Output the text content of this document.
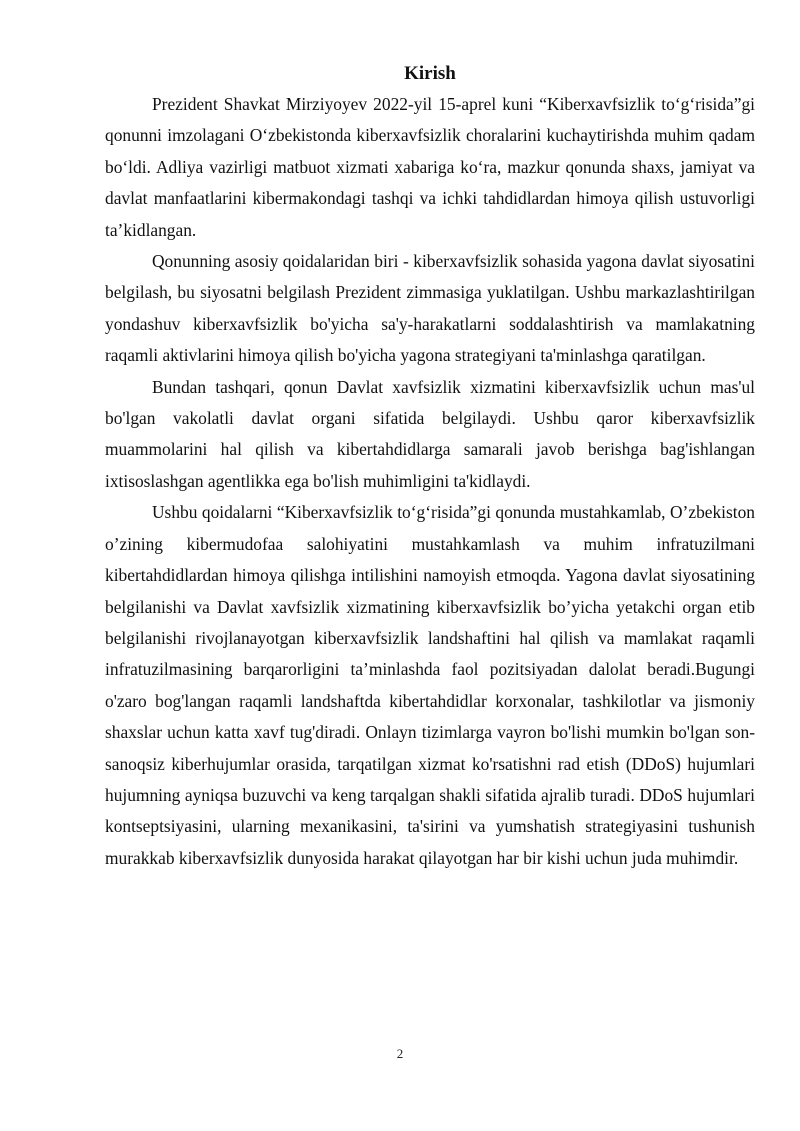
Kirish

Prezident Shavkat Mirziyoyev 2022-yil 15-aprel kuni “Kiberxavfsizlik to‘g‘risida”gi qonunni imzolagani O‘zbekistonda kiberxavfsizlik choralarini kuchaytirishda muhim qadam bo‘ldi. Adliya vazirligi matbuot xizmati xabariga ko‘ra, mazkur qonunda shaxs, jamiyat va davlat manfaatlarini kibermakondagi tashqi va ichki tahdidlardan himoya qilish ustuvorligi ta’kidlangan.

Qonunning asosiy qoidalaridan biri - kiberxavfsizlik sohasida yagona davlat siyosatini belgilash, bu siyosatni belgilash Prezident zimmasiga yuklatilgan. Ushbu markazlashtirilgan yondashuv kiberxavfsizlik bo'yicha sa'y-harakatlarni soddalashtirish va mamlakatning raqamli aktivlarini himoya qilish bo'yicha yagona strategiyani ta'minlashga qaratilgan.

Bundan tashqari, qonun Davlat xavfsizlik xizmatini kiberxavfsizlik uchun mas'ul bo'lgan vakolatli davlat organi sifatida belgilaydi. Ushbu qaror kiberxavfsizlik muammolarini hal qilish va kibertahdidlarga samarali javob berishga bag'ishlangan ixtisoslashgan agentlikka ega bo'lish muhimligini ta'kidlaydi.

Ushbu qoidalarni “Kiberxavfsizlik to‘g‘risida”gi qonunda mustahkamlab, O’zbekiston o’zining kibermudofaa salohiyatini mustahkamlash va muhim infratuzilmani kibertahdidlardan himoya qilishga intilishini namoyish etmoqda. Yagona davlat siyosatining belgilanishi va Davlat xavfsizlik xizmatining kiberxavfsizlik bo’yicha yetakchi organ etib belgilanishi rivojlanayotgan kiberxavfsizlik landshaftini hal qilish va mamlakat raqamli infratuzilmasining barqarorligini ta’minlashda faol pozitsiyadan dalolat beradi.Bugungi o'zaro bog'langan raqamli landshaftda kibertahdidlar korxonalar, tashkilotlar va jismoniy shaxslar uchun katta xavf tug'diradi. Onlayn tizimlarga vayron bo'lishi mumkin bo'lgan son-sanoqsiz kiberhujumlar orasida, tarqatilgan xizmat ko'rsatishni rad etish (DDoS) hujumlari hujumning ayniqsa buzuvchi va keng tarqalgan shakli sifatida ajralib turadi. DDoS hujumlari kontseptsiyasini, ularning mexanikasini, ta'sirini va yumshatish strategiyasini tushunish murakkab kiberxavfsizlik dunyosida harakat qilayotgan har bir kishi uchun juda muhimdir.

2
